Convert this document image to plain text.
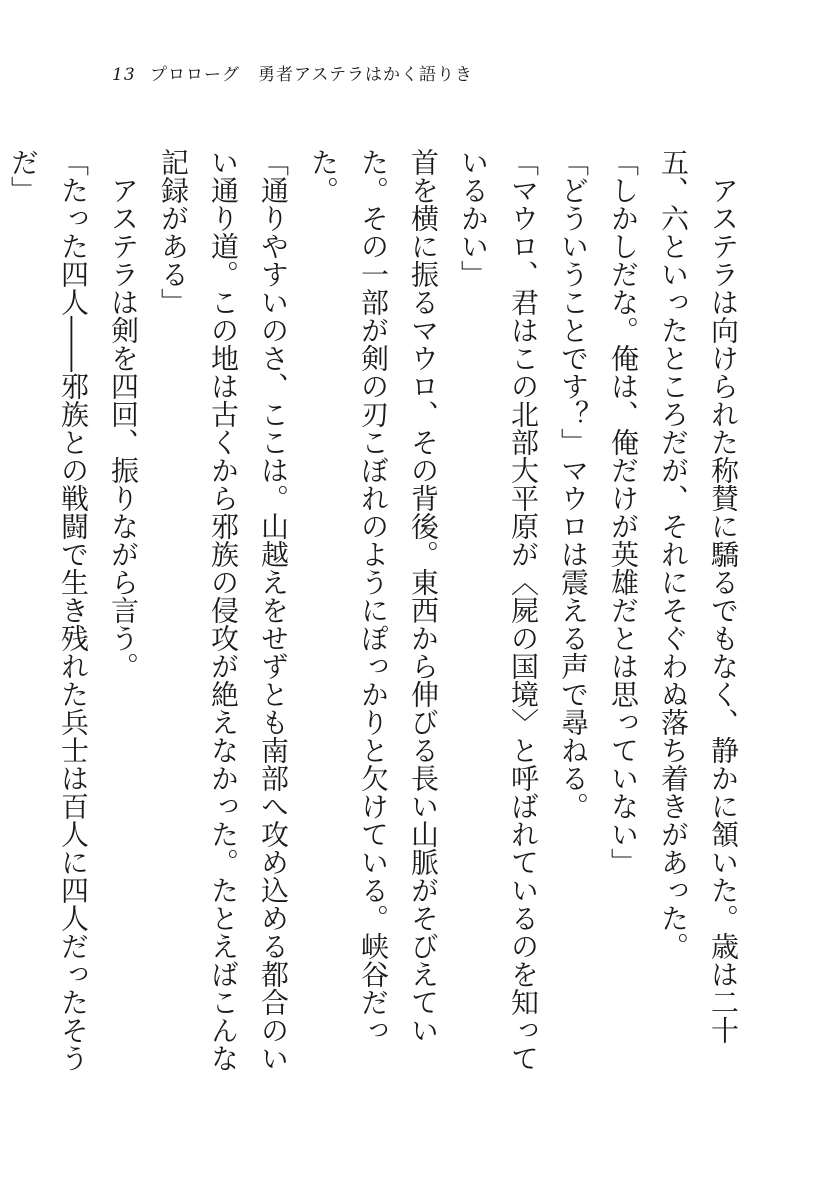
13 プロローグ　勇者アステラはかく語りき

アステラは向けられた称賛に驕るでもなく、静かに頷いた。歳は二十五、六といったところだが、それにそぐわぬ落ち着きがあった。

「しかしだな。俺は、俺だけが英雄だとは思っていない」

「どういうことです？」マウロは震える声で尋ねる。

「マウロ、君はこの北部大平原が〈屍の国境〉と呼ばれているのを知っているかい」

首を横に振るマウロ、その背後。東西から伸びる長い山脈がそびえていた。その一部が剣の刃こぼれのようにぽっかりと欠けている。峡谷だった。

「通りやすいのさ、ここは。山越えをせずとも南部へ攻め込める都合のいい通り道。この地は古くから邪族の侵攻が絶えなかった。たとえばこんな記録がある」

アステラは剣を四回、振りながら言う。

「たった四人――邪族との戦闘で生き残れた兵士は百人に四人だったそうだ」
